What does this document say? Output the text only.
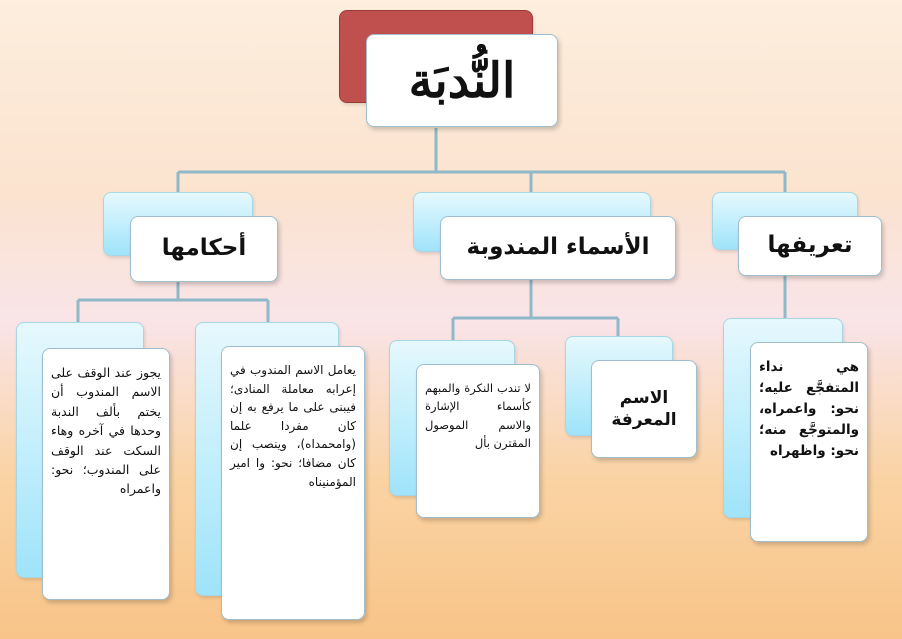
النُّدبَة
تعريفها
الأسماء المندوبة
أحكامها
هي نداء المتفجَّع عليه؛ نحو: واعمراه، والمتوجَّع منه؛ نحو: واظهراه
الاسم المعرفة
لا تندب النكرة والمبهم كأسماء الإشارة والاسم الموصول المقترن بأل
يعامل الاسم المندوب في إعرابه معاملة المنادى؛ فيبنى على ما يرفع به إن كان مفردا علما (وامحمداه)، وينصب إن كان مضافا؛ نحو: وا امير المؤمنيناه
يجوز عند الوقف على الاسم المندوب أن يختم بألف الندبة وحدها في آخره وهاء السكت عند الوقف على المندوب؛ نحو: واعمراه
